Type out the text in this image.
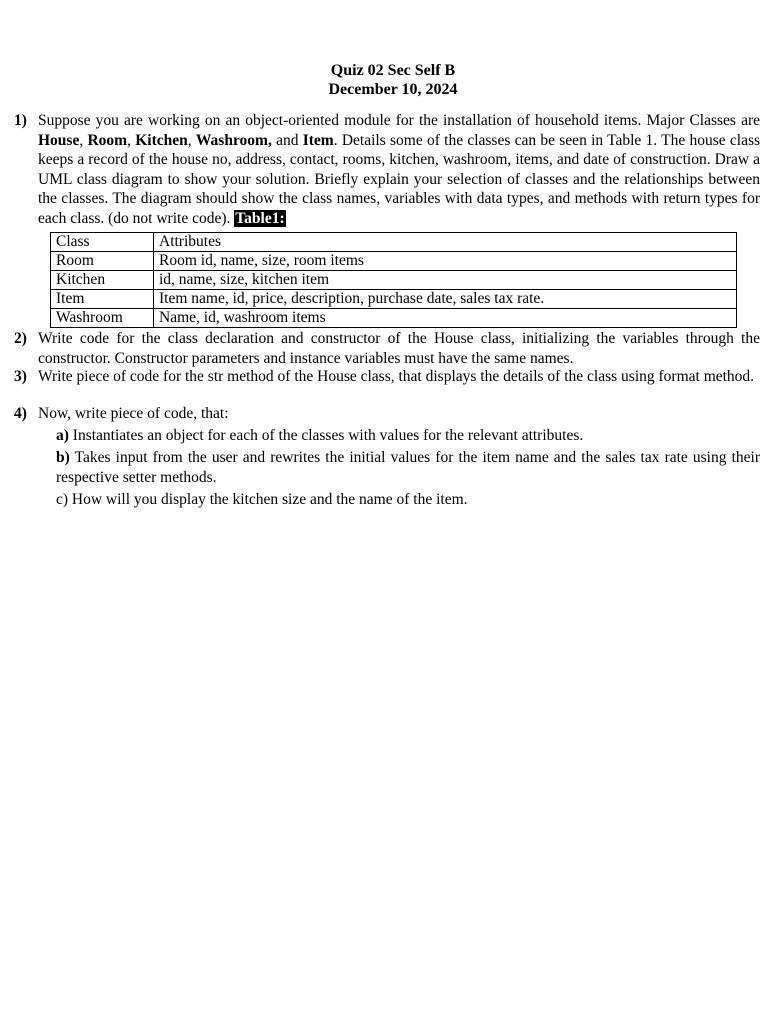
Quiz 02 Sec Self B
December 10, 2024
1) Suppose you are working on an object-oriented module for the installation of household items. Major Classes are House, Room, Kitchen, Washroom, and Item. Details some of the classes can be seen in Table 1. The house class keeps a record of the house no, address, contact, rooms, kitchen, washroom, items, and date of construction. Draw a UML class diagram to show your solution. Briefly explain your selection of classes and the relationships between the classes. The diagram should show the class names, variables with data types, and methods with return types for each class. (do not write code). Table1:
Class	Attributes
Room	Room id, name, size, room items
Kitchen	id, name, size, kitchen item
Item	Item name, id, price, description, purchase date, sales tax rate.
Washroom	Name, id, washroom items
2) Write code for the class declaration and constructor of the House class, initializing the variables through the constructor. Constructor parameters and instance variables must have the same names.
3) Write piece of code for the str method of the House class, that displays the details of the class using format method.
4) Now, write piece of code, that:
a) Instantiates an object for each of the classes with values for the relevant attributes.
b) Takes input from the user and rewrites the initial values for the item name and the sales tax rate using their respective setter methods.
c) How will you display the kitchen size and the name of the item.
